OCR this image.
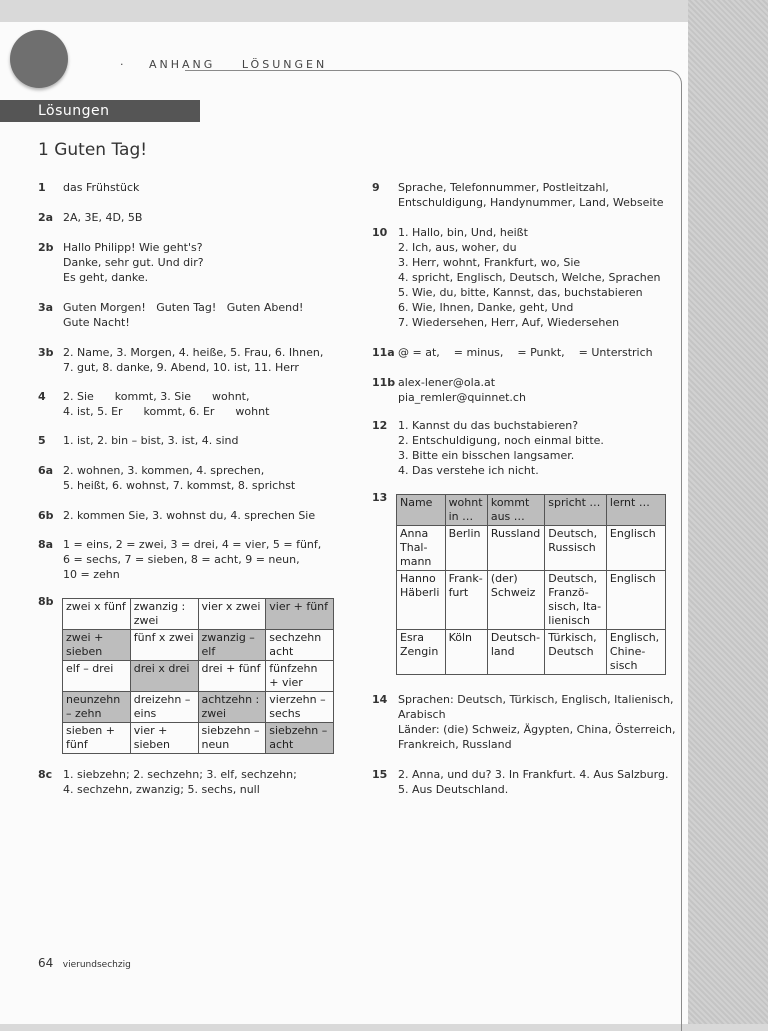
· ANHANG LÖSUNGEN
Lösungen
1 Guten Tag!
1 das Frühstück
2a 2A, 3E, 4D, 5B
2b Hallo Philipp! Wie geht's?
Danke, sehr gut. Und dir?
Es geht, danke.
3a Guten Morgen!   Guten Tag!   Guten Abend!
Gute Nacht!
3b 2. Name, 3. Morgen, 4. heiße, 5. Frau, 6. Ihnen,
7. gut, 8. danke, 9. Abend, 10. ist, 11. Herr
4 2. Sie      kommt, 3. Sie      wohnt,
4. ist, 5. Er      kommt, 6. Er      wohnt
5 1. ist, 2. bin – bist, 3. ist, 4. sind
6a 2. wohnen, 3. kommen, 4. sprechen,
5. heißt, 6. wohnst, 7. kommst, 8. sprichst
6b 2. kommen Sie, 3. wohnst du, 4. sprechen Sie
8a 1 = eins, 2 = zwei, 3 = drei, 4 = vier, 5 = fünf,
6 = sechs, 7 = sieben, 8 = acht, 9 = neun,
10 = zehn
8b
8c 1. siebzehn; 2. sechzehn; 3. elf, sechzehn;
4. sechzehn, zwanzig; 5. sechs, null
zwei x fünf	zwanzig : zwei	vier x zwei	vier + fünf
zwei + sieben	fünf x zwei	zwanzig – elf	sechzehn acht
elf – drei	drei x drei	drei + fünf	fünfzehn + vier
neunzehn – zehn	dreizehn – eins	achtzehn : zwei	vierzehn – sechs
sieben + fünf	vier + sieben	siebzehn – neun	siebzehn – acht
9 Sprache, Telefonnummer, Postleitzahl,
Entschuldigung, Handynummer, Land, Webseite
10 1. Hallo, bin, Und, heißt
2. Ich, aus, woher, du
3. Herr, wohnt, Frankfurt, wo, Sie
4. spricht, Englisch, Deutsch, Welche, Sprachen
5. Wie, du, bitte, Kannst, das, buchstabieren
6. Wie, Ihnen, Danke, geht, Und
7. Wiedersehen, Herr, Auf, Wiedersehen
11a @ = at,    = minus,    = Punkt,    = Unterstrich
11b alex-lener@ola.at
pia_remler@quinnet.ch
12 1. Kannst du das buchstabieren?
2. Entschuldigung, noch einmal bitte.
3. Bitte ein bisschen langsamer.
4. Das verstehe ich nicht.
13
14 Sprachen: Deutsch, Türkisch, Englisch, Italienisch,
Arabisch
Länder: (die) Schweiz, Ägypten, China, Österreich,
Frankreich, Russland
15 2. Anna, und du? 3. In Frankfurt. 4. Aus Salzburg.
5. Aus Deutschland.
Name	wohnt in …	kommt aus …	spricht …	lernt …
Anna Thal-mann	Berlin	Russland	Deutsch, Russisch	Englisch
Hanno Häberli	Frank-furt	(der) Schweiz	Deutsch, Franzö-sisch, Ita-lienisch	Englisch
Esra Zengin	Köln	Deutsch-land	Türkisch, Deutsch	Englisch, Chine-sisch
64 vierundsechzig
